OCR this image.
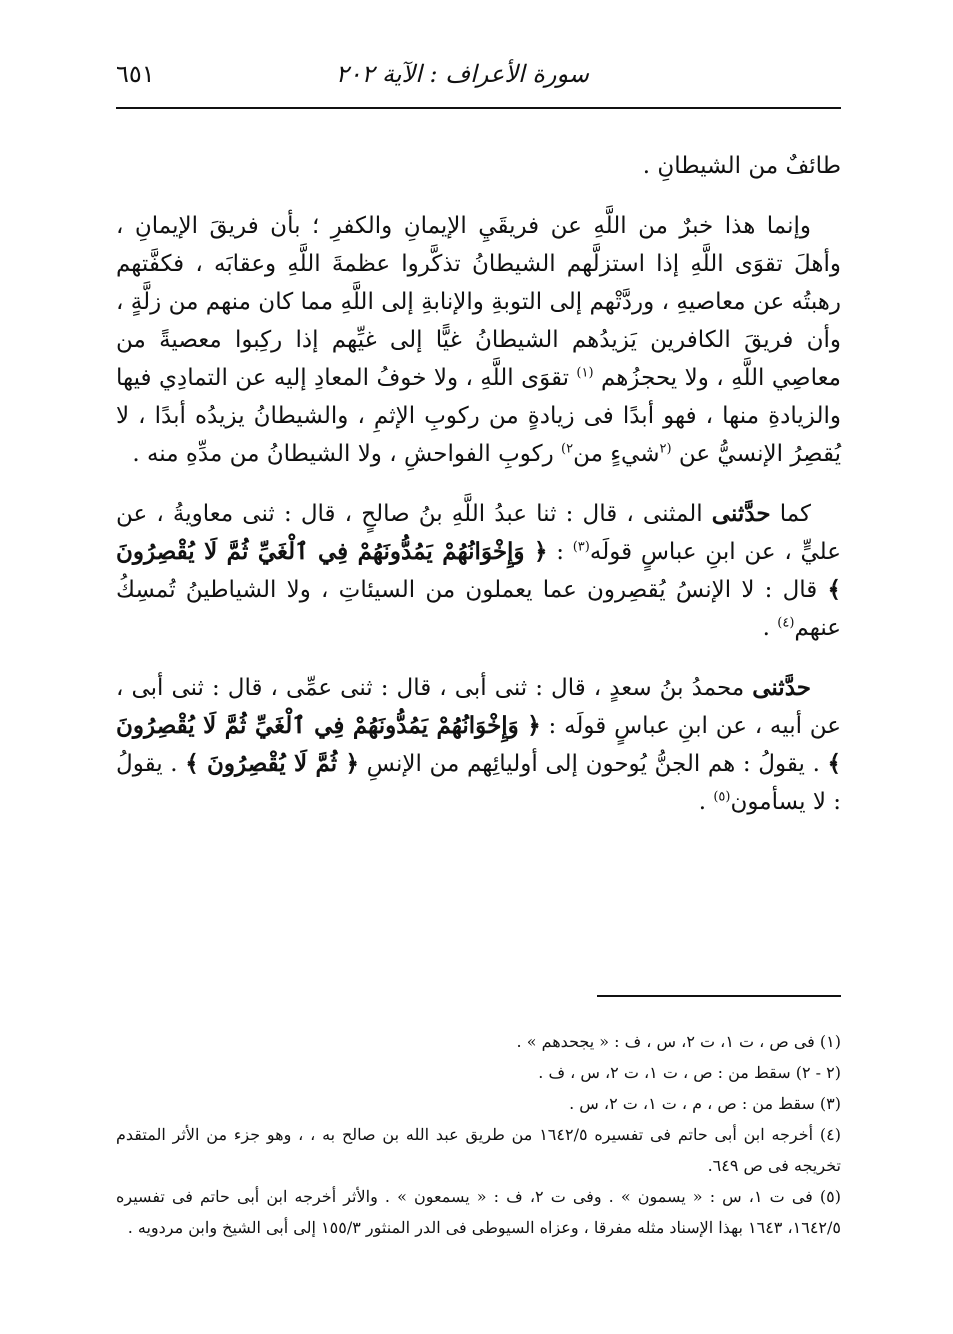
سورة الأعراف : الآية ٢٠٢
٦٥١

طائفٌ من الشيطانِ .

وإنما هذا خبرٌ من اللَّهِ عن فريقَيِ الإيمانِ والكفرِ ؛ بأن فريقَ الإيمانِ ، وأهلَ تقوَى اللَّهِ إذا استزلَّهم الشيطانُ تذكَّروا عظمةَ اللَّهِ وعقابَه ، فكفَّتهم رهبتُه عن معاصيهِ ، وردَّتْهم إلى التوبةِ والإنابةِ إلى اللَّهِ مما كان منهم من زلَّةٍ ، وأن فريقَ الكافرين يَزيدُهم الشيطانُ غيًّا إلى غيِّهم إذا ركِبوا معصيةً من معاصِي اللَّهِ ، ولا يحجزُهم $^{(١)}$ تقوَى اللَّهِ ، ولا خوفُ المعادِ إليه عن التمادِي فيها والزيادةِ منها ، فهو أبدًا فى زيادةٍ من ركوبِ الإثمِ ، والشيطانُ يزيدُه أبدًا ، لا يُقصِرُ الإنسيُّ عن $^{(٢}$شيءٍ من$^{٢)}$ ركوبِ الفواحشِ ، ولا الشيطانُ من مدِّهِ منه .

كما حدَّثنى المثنى ، قال : ثنا عبدُ اللَّهِ بنُ صالحٍ ، قال : ثنى معاويةُ ، عن عليٍّ ، عن ابنِ عباسٍ قولَه$^{(٣)}$ : ﴿ وَإِخْوَانُهُمْ يَمُدُّونَهُمْ فِي ٱلْغَيِّ ثُمَّ لَا يُقْصِرُونَ ﴾ قال : لا الإنسُ يُقصِرون عما يعملون من السيئاتِ ، ولا الشياطينُ تُمسِكُ عنهم$^{(٤)}$ .

حدَّثنى محمدُ بنُ سعدٍ ، قال : ثنى أبى ، قال : ثنى عمِّى ، قال : ثنى أبى ، عن أبيه ، عن ابنِ عباسٍ قولَه : ﴿ وَإِخْوَانُهُمْ يَمُدُّونَهُمْ فِي ٱلْغَيِّ ثُمَّ لَا يُقْصِرُونَ ﴾ . يقولُ : هم الجنُّ يُوحون إلى أوليائِهم من الإنسِ ﴿ ثُمَّ لَا يُقْصِرُونَ ﴾ . يقولُ : لا يسأمون$^{(٥)}$ .

(١) فى ص ، ت ١، ت ٢، س ، ف : « يجحدهم » .

(٢ - ٢) سقط من : ص ، ت ١، ت ٢، س ، ف .

(٣) سقط من : ص ، م ، ت ١، ت ٢، س .

(٤) أخرجه ابن أبى حاتم فى تفسيره ١٦٤٢/٥ من طريق عبد الله بن صالح به ، ، وهو جزء من الأثر المتقدم تخريجه فى ص ٦٤٩.

(٥) فى ت ١، س : « يسمون » . وفى ت ٢، ف : « يسمعون » . والأثر أخرجه ابن أبى حاتم فى تفسيره ١٦٤٢/٥، ١٦٤٣ بهذا الإسناد مثله مفرقا ، وعزاه السيوطى فى الدر المنثور ١٥٥/٣ إلى أبى الشيخ وابن مردويه .
